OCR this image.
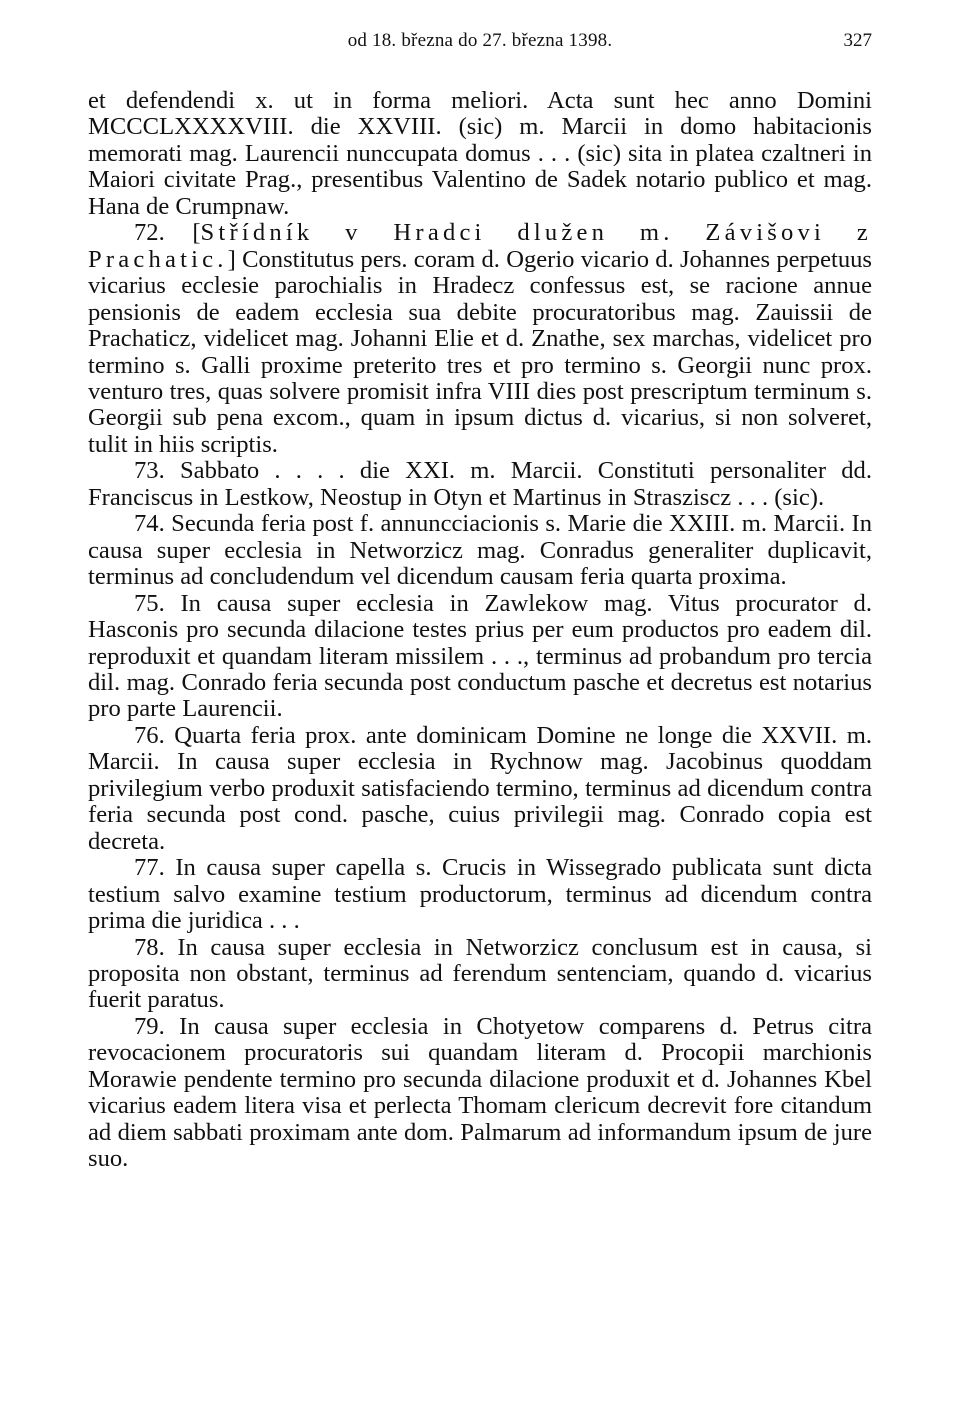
od 18. března do 27. března 1398.	327

et defendendi x. ut in forma meliori. Acta sunt hec anno Domini MCCCLXXXXVIII. die XXVIII. (sic) m. Marcii in domo habitacionis memorati mag. Laurencii nunccupata domus . . . (sic) sita in platea czaltneri in Maiori civitate Prag., presentibus Valentino de Sadek notario publico et mag. Hana de Crumpnaw.

72. [Střídník v Hradci dlužen m. Závišovi z Prachatic.] Constitutus pers. coram d. Ogerio vicario d. Johannes perpetuus vicarius ecclesie parochialis in Hradecz confessus est, se racione annue pensionis de eadem ecclesia sua debite procuratoribus mag. Zauissii de Prachaticz, videlicet mag. Johanni Elie et d. Znathe, sex marchas, videlicet pro termino s. Galli proxime preterito tres et pro termino s. Georgii nunc prox. venturo tres, quas solvere promisit infra VIII dies post prescriptum terminum s. Georgii sub pena excom., quam in ipsum dictus d. vicarius, si non solveret, tulit in hiis scriptis.

73. Sabbato . . . . die XXI. m. Marcii. Constituti personaliter dd. Franciscus in Lestkow, Neostup in Otyn et Martinus in Strasziscz . . . (sic).

74. Secunda feria post f. annuncciacionis s. Marie die XXIII. m. Marcii. In causa super ecclesia in Networzicz mag. Conradus generaliter duplicavit, terminus ad concludendum vel dicendum causam feria quarta proxima.

75. In causa super ecclesia in Zawlekow mag. Vitus procurator d. Hasconis pro secunda dilacione testes prius per eum productos pro eadem dil. reproduxit et quandam literam missilem . . ., terminus ad probandum pro tercia dil. mag. Conrado feria secunda post conductum pasche et decretus est notarius pro parte Laurencii.

76. Quarta feria prox. ante dominicam Domine ne longe die XXVII. m. Marcii. In causa super ecclesia in Rychnow mag. Jacobinus quoddam privilegium verbo produxit satisfaciendo termino, terminus ad dicendum contra feria secunda post cond. pasche, cuius privilegii mag. Conrado copia est decreta.

77. In causa super capella s. Crucis in Wissegrado publicata sunt dicta testium salvo examine testium productorum, terminus ad dicendum contra prima die juridica . . .

78. In causa super ecclesia in Networzicz conclusum est in causa, si proposita non obstant, terminus ad ferendum sentenciam, quando d. vicarius fuerit paratus.

79. In causa super ecclesia in Chotyetow comparens d. Petrus citra revocacionem procuratoris sui quandam literam d. Procopii marchionis Morawie pendente termino pro secunda dilacione produxit et d. Johannes Kbel vicarius eadem litera visa et perlecta Thomam clericum decrevit fore citandum ad diem sabbati proximam ante dom. Palmarum ad informandum ipsum de jure suo.
